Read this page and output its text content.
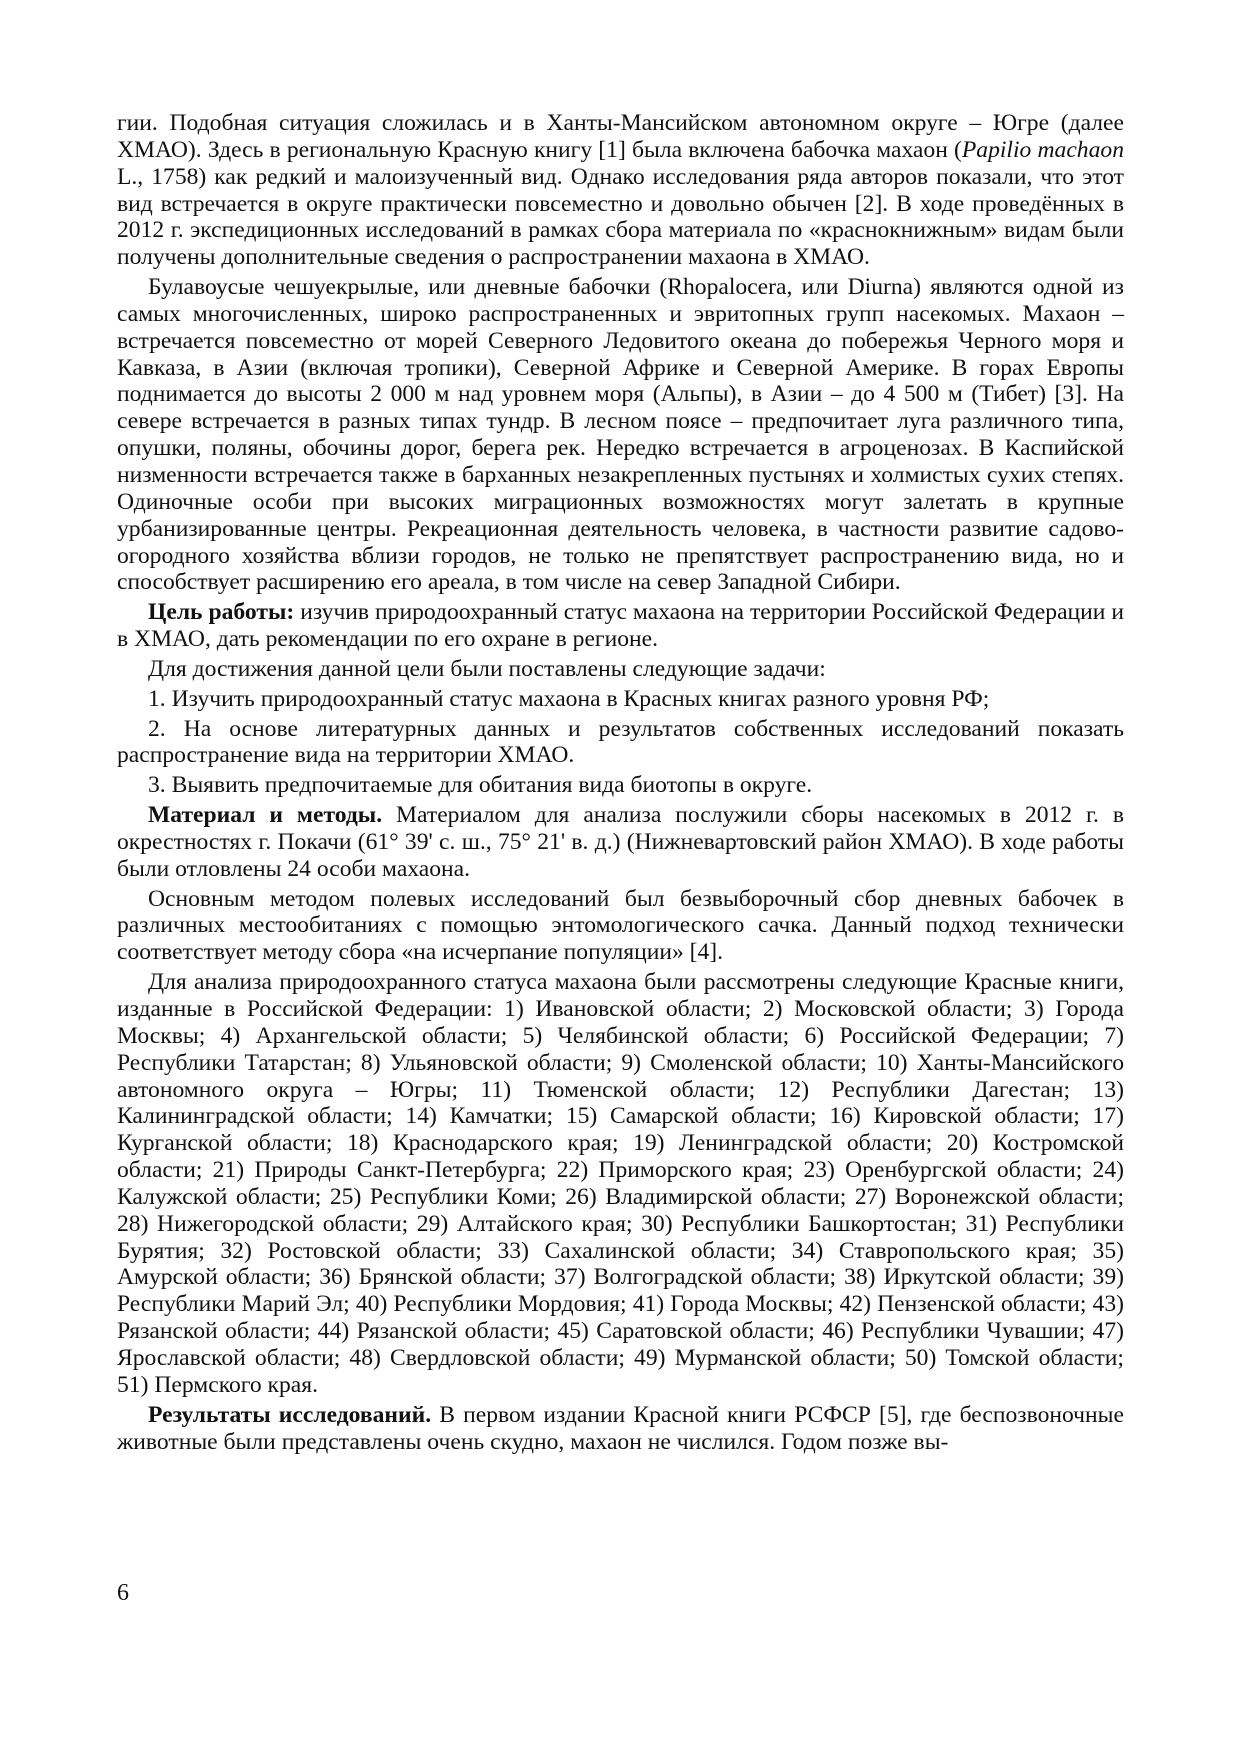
гии. Подобная ситуация сложилась и в Ханты-Мансийском автономном округе – Югре (далее ХМАО). Здесь в региональную Красную книгу [1] была включена бабочка махаон (Papilio machaon L., 1758) как редкий и малоизученный вид. Однако исследования ряда авторов показали, что этот вид встречается в округе практически повсеместно и довольно обычен [2]. В ходе проведённых в 2012 г. экспедиционных исследований в рамках сбора материала по «краснокнижным» видам были получены дополнительные сведения о распространении махаона в ХМАО.

Булавоусые чешуекрылые, или дневные бабочки (Rhopalocera, или Diurna) являются одной из самых многочисленных, широко распространенных и эвритопных групп насекомых. Махаон – встречается повсеместно от морей Северного Ледовитого океана до побережья Черного моря и Кавказа, в Азии (включая тропики), Северной Африке и Северной Америке. В горах Европы поднимается до высоты 2 000 м над уровнем моря (Альпы), в Азии – до 4 500 м (Тибет) [3]. На севере встречается в разных типах тундр. В лесном поясе – предпочитает луга различного типа, опушки, поляны, обочины дорог, берега рек. Нередко встречается в агроценозах. В Каспийской низменности встречается также в барханных незакрепленных пустынях и холмистых сухих степях. Одиночные особи при высоких миграционных возможностях могут залетать в крупные урбанизированные центры. Рекреационная деятельность человека, в частности развитие садово-огородного хозяйства вблизи городов, не только не препятствует распространению вида, но и способствует расширению его ареала, в том числе на север Западной Сибири.

Цель работы: изучив природоохранный статус махаона на территории Российской Федерации и в ХМАО, дать рекомендации по его охране в регионе.

Для достижения данной цели были поставлены следующие задачи:

1. Изучить природоохранный статус махаона в Красных книгах разного уровня РФ;

2. На основе литературных данных и результатов собственных исследований показать распространение вида на территории ХМАО.

3. Выявить предпочитаемые для обитания вида биотопы в округе.

Материал и методы. Материалом для анализа послужили сборы насекомых в 2012 г. в окрестностях г. Покачи (61° 39' с. ш., 75° 21' в. д.) (Нижневартовский район ХМАО). В ходе работы были отловлены 24 особи махаона.

Основным методом полевых исследований был безвыборочный сбор дневных бабочек в различных местообитаниях с помощью энтомологического сачка. Данный подход технически соответствует методу сбора «на исчерпание популяции» [4].

Для анализа природоохранного статуса махаона были рассмотрены следующие Красные книги, изданные в Российской Федерации: 1) Ивановской области; 2) Московской области; 3) Города Москвы; 4) Архангельской области; 5) Челябинской области; 6) Российской Федерации; 7) Республики Татарстан; 8) Ульяновской области; 9) Смоленской области; 10) Ханты-Мансийского автономного округа – Югры; 11) Тюменской области; 12) Республики Дагестан; 13) Калининградской области; 14) Камчатки; 15) Самарской области; 16) Кировской области; 17) Курганской области; 18) Краснодарского края; 19) Ленинградской области; 20) Костромской области; 21) Природы Санкт-Петербурга; 22) Приморского края; 23) Оренбургской области; 24) Калужской области; 25) Республики Коми; 26) Владимирской области; 27) Воронежской области; 28) Нижегородской области; 29) Алтайского края; 30) Республики Башкортостан; 31) Республики Бурятия; 32) Ростовской области; 33) Сахалинской области; 34) Ставропольского края; 35) Амурской области; 36) Брянской области; 37) Волгоградской области; 38) Иркутской области; 39) Республики Марий Эл; 40) Республики Мордовия; 41) Города Москвы; 42) Пензенской области; 43) Рязанской области; 44) Рязанской области; 45) Саратовской области; 46) Республики Чувашии; 47) Ярославской области; 48) Свердловской области; 49) Мурманской области; 50) Томской области; 51) Пермского края.

Результаты исследований. В первом издании Красной книги РСФСР [5], где беспозвоночные животные были представлены очень скудно, махаон не числился. Годом позже вы-

6
